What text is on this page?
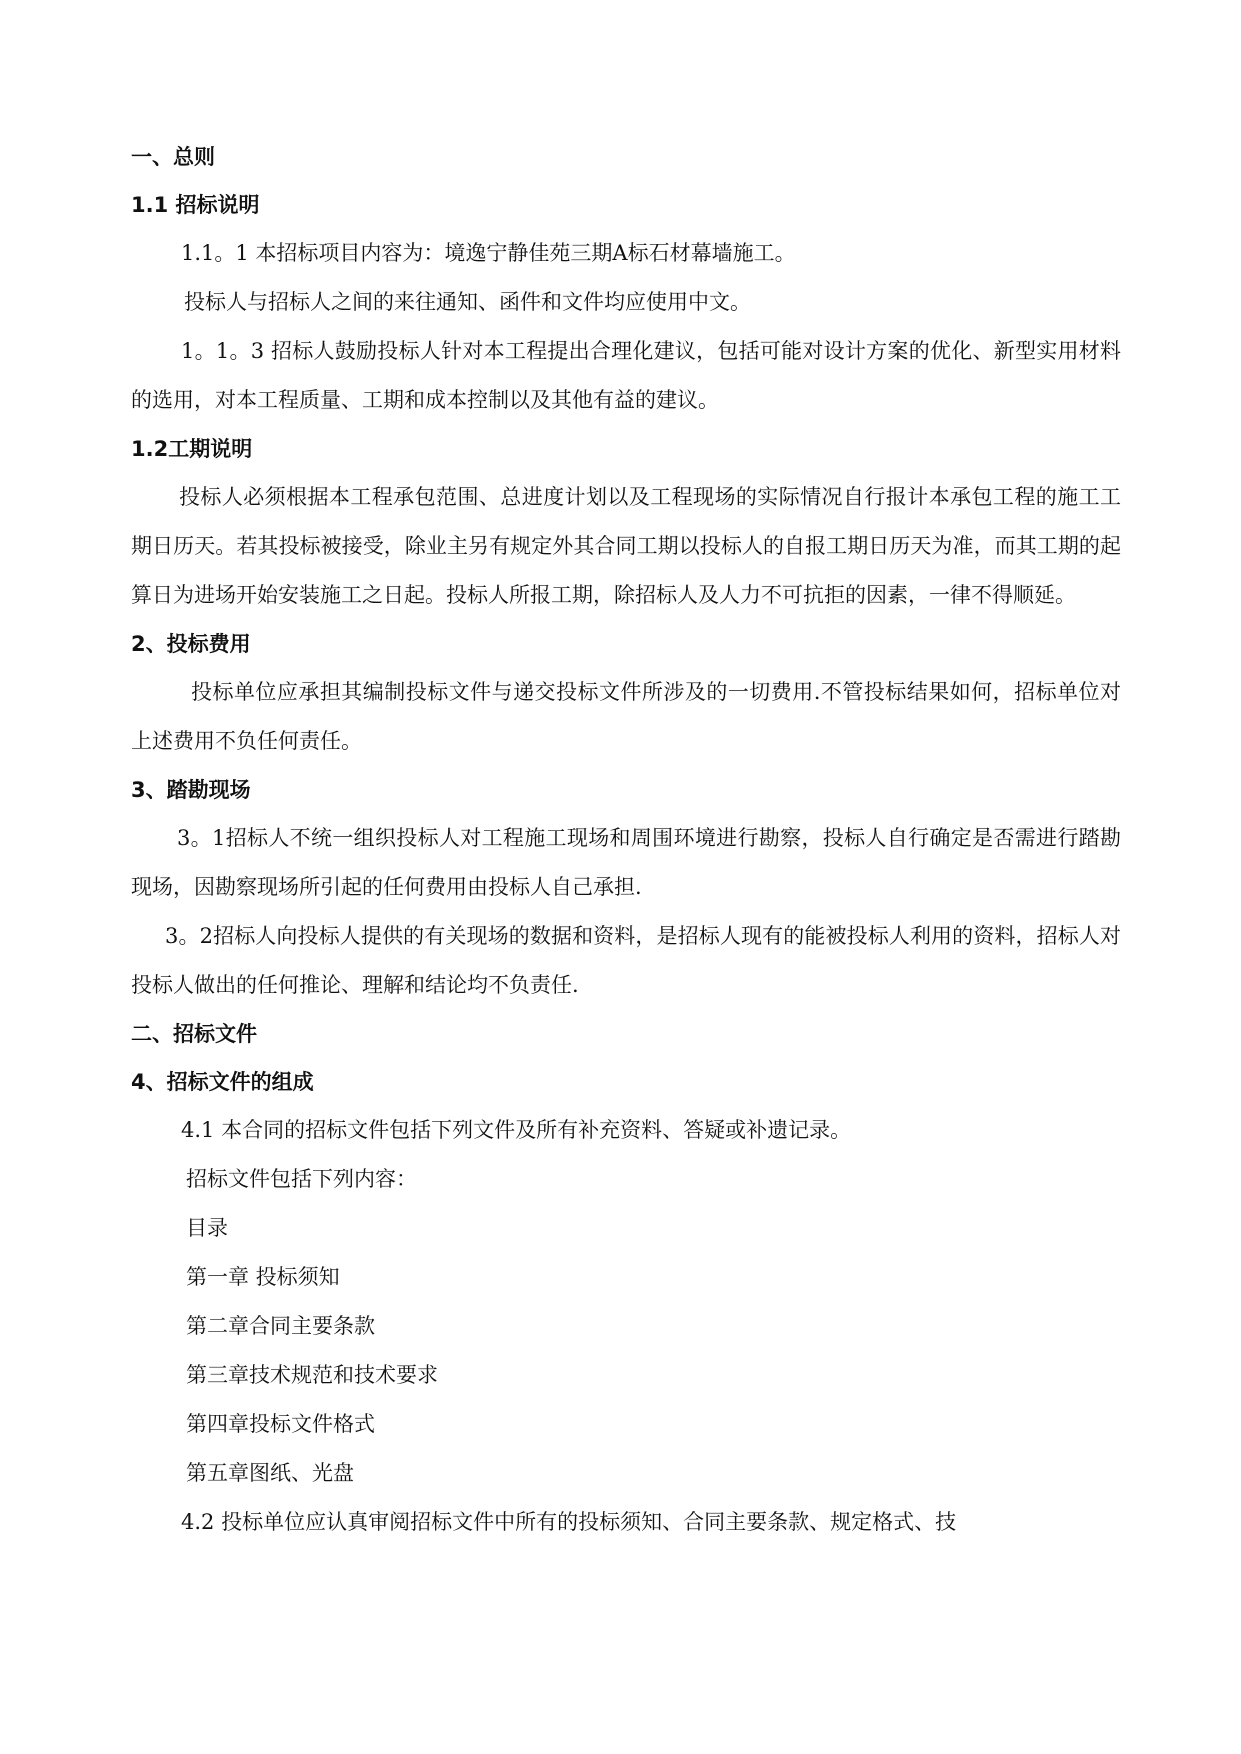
一、总则
1.1 招标说明
1.1。1 本招标项目内容为：境逸宁静佳苑三期A标石材幕墙施工。
投标人与招标人之间的来往通知、函件和文件均应使用中文。
1。1。3 招标人鼓励投标人针对本工程提出合理化建议，包括可能对设计方案的优化、新型实用材料的选用，对本工程质量、工期和成本控制以及其他有益的建议。
1.2工期说明
投标人必须根据本工程承包范围、总进度计划以及工程现场的实际情况自行报计本承包工程的施工工期日历天。若其投标被接受，除业主另有规定外其合同工期以投标人的自报工期日历天为准，而其工期的起算日为进场开始安装施工之日起。投标人所报工期，除招标人及人力不可抗拒的因素，一律不得顺延。
2、投标费用
投标单位应承担其编制投标文件与递交投标文件所涉及的一切费用.不管投标结果如何，招标单位对上述费用不负任何责任。
3、踏勘现场
3。1招标人不统一组织投标人对工程施工现场和周围环境进行勘察，投标人自行确定是否需进行踏勘现场，因勘察现场所引起的任何费用由投标人自己承担.
3。2招标人向投标人提供的有关现场的数据和资料，是招标人现有的能被投标人利用的资料，招标人对投标人做出的任何推论、理解和结论均不负责任.
二、招标文件
4、招标文件的组成
4.1 本合同的招标文件包括下列文件及所有补充资料、答疑或补遗记录。
招标文件包括下列内容：
目录
第一章 投标须知
第二章合同主要条款
第三章技术规范和技术要求
第四章投标文件格式
第五章图纸、光盘
4.2 投标单位应认真审阅招标文件中所有的投标须知、合同主要条款、规定格式、技
